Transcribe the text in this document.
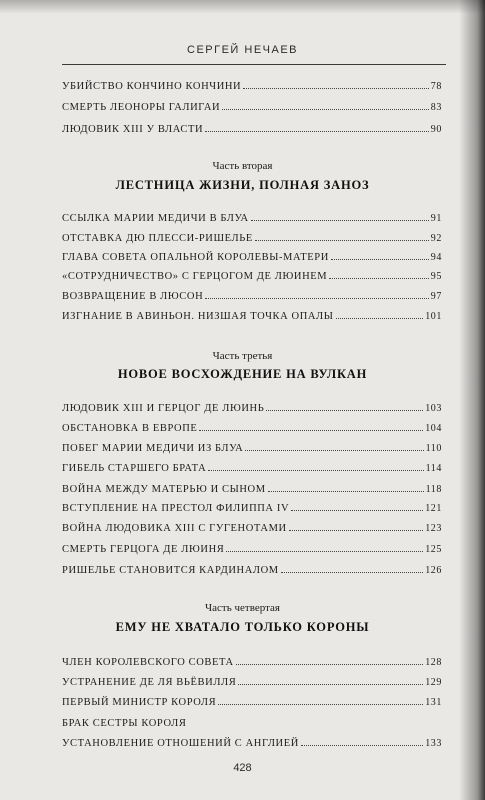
СЕРГЕЙ НЕЧАЕВ
УБИЙСТВО КОНЧИНО КОНЧИНИ	78
СМЕРТЬ ЛЕОНОРЫ ГАЛИГАИ	83
ЛЮДОВИК XIII У ВЛАСТИ	90
Часть вторая
ЛЕСТНИЦА ЖИЗНИ, ПОЛНАЯ ЗАНОЗ
ССЫЛКА МАРИИ МЕДИЧИ В БЛУА	91
ОТСТАВКА ДЮ ПЛЕССИ-РИШЕЛЬЕ	92
ГЛАВА СОВЕТА ОПАЛЬНОЙ КОРОЛЕВЫ-МАТЕРИ	94
«СОТРУДНИЧЕСТВО» С ГЕРЦОГОМ ДЕ ЛЮИНЕМ	95
ВОЗВРАЩЕНИЕ В ЛЮСОН	97
ИЗГНАНИЕ В АВИНЬОН. НИЗШАЯ ТОЧКА ОПАЛЫ	101
Часть третья
НОВОЕ ВОСХОЖДЕНИЕ НА ВУЛКАН
ЛЮДОВИК XIII И ГЕРЦОГ ДЕ ЛЮИНЬ	103
ОБСТАНОВКА В ЕВРОПЕ	104
ПОБЕГ МАРИИ МЕДИЧИ ИЗ БЛУА	110
ГИБЕЛЬ СТАРШЕГО БРАТА	114
ВОЙНА МЕЖДУ МАТЕРЬЮ И СЫНОМ	118
ВСТУПЛЕНИЕ НА ПРЕСТОЛ ФИЛИППА IV	121
ВОЙНА ЛЮДОВИКА XIII С ГУГЕНОТАМИ	123
СМЕРТЬ ГЕРЦОГА ДЕ ЛЮИНЯ	125
РИШЕЛЬЕ СТАНОВИТСЯ КАРДИНАЛОМ	126
Часть четвертая
ЕМУ НЕ ХВАТАЛО ТОЛЬКО КОРОНЫ
ЧЛЕН КОРОЛЕВСКОГО СОВЕТА	128
УСТРАНЕНИЕ ДЕ ЛЯ ВЬЁВИЛЛЯ	129
ПЕРВЫЙ МИНИСТР КОРОЛЯ	131
БРАК СЕСТРЫ КОРОЛЯ
УСТАНОВЛЕНИЕ ОТНОШЕНИЙ С АНГЛИЕЙ	133
428
